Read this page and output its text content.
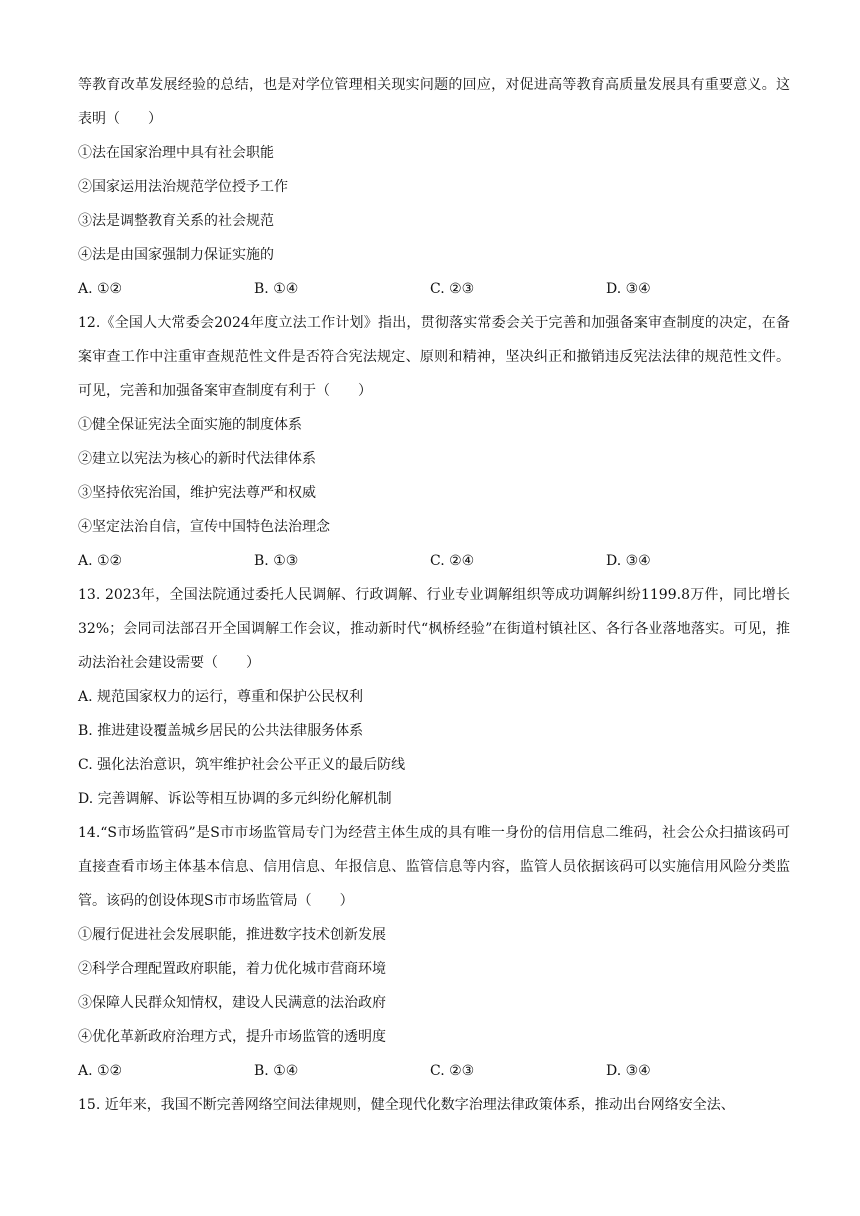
等教育改革发展经验的总结，也是对学位管理相关现实问题的回应，对促进高等教育高质量发展具有重要意义。这表明（　　）
①法在国家治理中具有社会职能
②国家运用法治规范学位授予工作
③法是调整教育关系的社会规范
④法是由国家强制力保证实施的
A. ①②	B. ①④	C. ②③	D. ③④
12.《全国人大常委会2024年度立法工作计划》指出，贯彻落实常委会关于完善和加强备案审查制度的决定，在备案审查工作中注重审查规范性文件是否符合宪法规定、原则和精神，坚决纠正和撤销违反宪法法律的规范性文件。可见，完善和加强备案审查制度有利于（　　）
①健全保证宪法全面实施的制度体系
②建立以宪法为核心的新时代法律体系
③坚持依宪治国，维护宪法尊严和权威
④坚定法治自信，宣传中国特色法治理念
A. ①②	B. ①③	C. ②④	D. ③④
13. 2023年，全国法院通过委托人民调解、行政调解、行业专业调解组织等成功调解纠纷1199.8万件，同比增长32%；会同司法部召开全国调解工作会议，推动新时代“枫桥经验”在街道村镇社区、各行各业落地落实。可见，推动法治社会建设需要（　　）
A. 规范国家权力的运行，尊重和保护公民权利
B. 推进建设覆盖城乡居民的公共法律服务体系
C. 强化法治意识，筑牢维护社会公平正义的最后防线
D. 完善调解、诉讼等相互协调的多元纠纷化解机制
14.“S市场监管码”是S市市场监管局专门为经营主体生成的具有唯一身份的信用信息二维码，社会公众扫描该码可直接查看市场主体基本信息、信用信息、年报信息、监管信息等内容，监管人员依据该码可以实施信用风险分类监管。该码的创设体现S市市场监管局（　　）
①履行促进社会发展职能，推进数字技术创新发展
②科学合理配置政府职能，着力优化城市营商环境
③保障人民群众知情权，建设人民满意的法治政府
④优化革新政府治理方式，提升市场监管的透明度
A. ①②	B. ①④	C. ②③	D. ③④
15. 近年来，我国不断完善网络空间法律规则，健全现代化数字治理法律政策体系，推动出台网络安全法、
